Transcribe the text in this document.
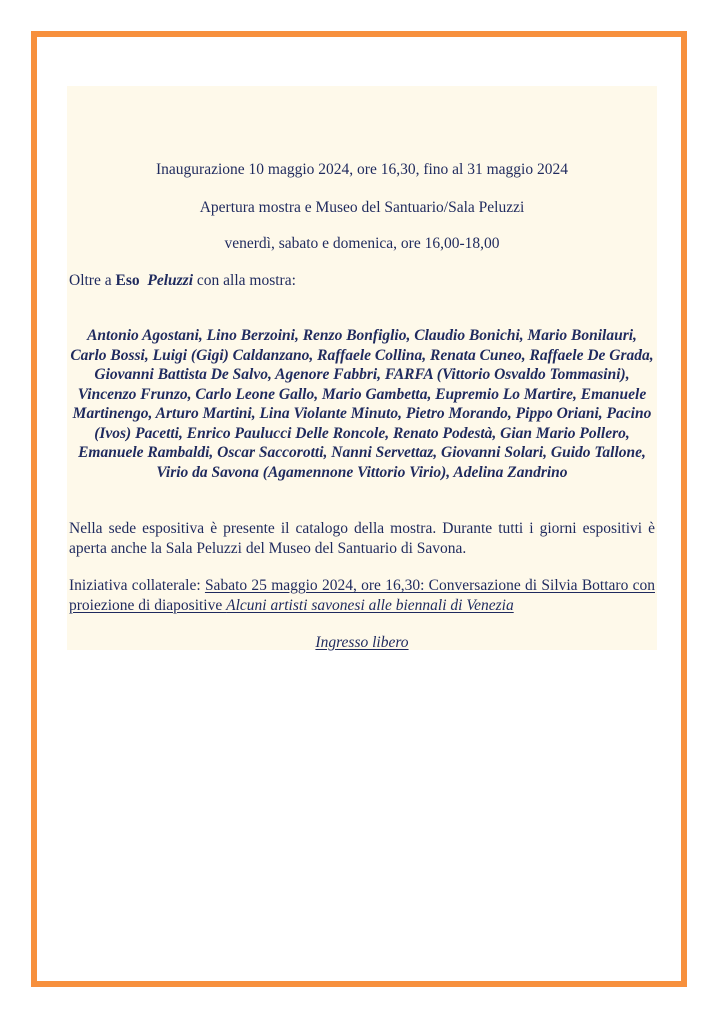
Inaugurazione 10 maggio 2024, ore 16,30, fino al 31 maggio 2024

Apertura mostra e Museo del Santuario/Sala Peluzzi

venerdì, sabato e domenica, ore 16,00-18,00

Oltre a Eso Peluzzi con alla mostra:

Antonio Agostani, Lino Berzoini, Renzo Bonfiglio, Claudio Bonichi, Mario Bonilauri, Carlo Bossi, Luigi (Gigi) Caldanzano, Raffaele Collina, Renata Cuneo, Raffaele De Grada, Giovanni Battista De Salvo, Agenore Fabbri, FARFA (Vittorio Osvaldo Tommasini), Vincenzo Frunzo, Carlo Leone Gallo, Mario Gambetta, Eupremio Lo Martire, Emanuele Martinengo, Arturo Martini, Lina Violante Minuto, Pietro Morando, Pippo Oriani, Pacino (Ivos) Pacetti, Enrico Paulucci Delle Roncole, Renato Podestà, Gian Mario Pollero, Emanuele Rambaldi, Oscar Saccorotti, Nanni Servettaz, Giovanni Solari, Guido Tallone, Virio da Savona (Agamennone Vittorio Virio), Adelina Zandrino

Nella sede espositiva è presente il catalogo della mostra. Durante tutti i giorni espositivi è aperta anche la Sala Peluzzi del Museo del Santuario di Savona.

Iniziativa collaterale: Sabato 25 maggio 2024, ore 16,30: Conversazione di Silvia Bottaro con proiezione di diapositive Alcuni artisti savonesi alle biennali di Venezia

Ingresso libero
